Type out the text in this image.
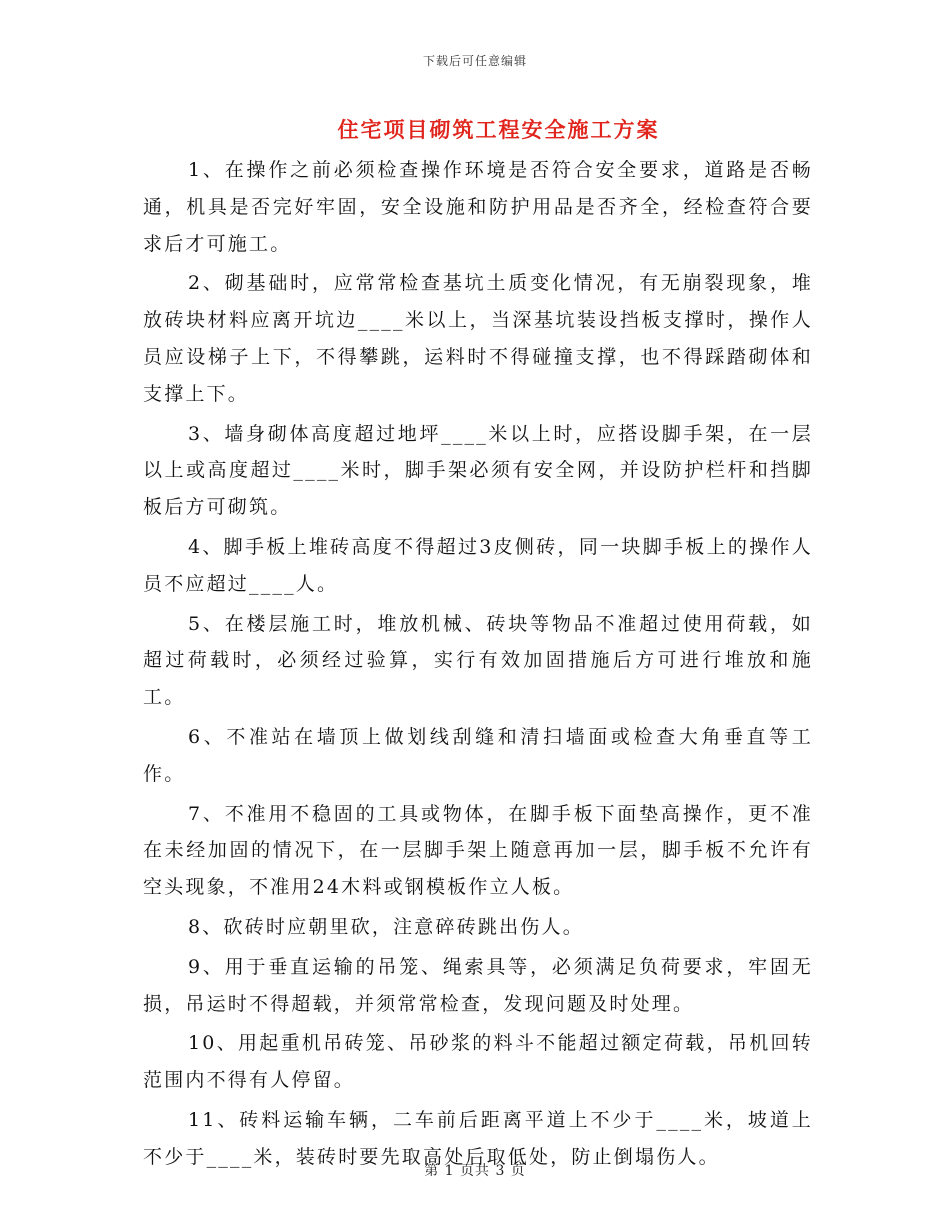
下载后可任意编辑
住宅项目砌筑工程安全施工方案

1、在操作之前必须检查操作环境是否符合安全要求，道路是否畅通，机具是否完好牢固，安全设施和防护用品是否齐全，经检查符合要求后才可施工。

2、砌基础时，应常常检查基坑土质变化情况，有无崩裂现象，堆放砖块材料应离开坑边____米以上，当深基坑装设挡板支撑时，操作人员应设梯子上下，不得攀跳，运料时不得碰撞支撑，也不得踩踏砌体和支撑上下。

3、墙身砌体高度超过地坪____米以上时，应搭设脚手架，在一层以上或高度超过____米时，脚手架必须有安全网，并设防护栏杆和挡脚板后方可砌筑。

4、脚手板上堆砖高度不得超过3皮侧砖，同一块脚手板上的操作人员不应超过____人。

5、在楼层施工时，堆放机械、砖块等物品不准超过使用荷载，如超过荷载时，必须经过验算，实行有效加固措施后方可进行堆放和施工。

6、不准站在墙顶上做划线刮缝和清扫墙面或检查大角垂直等工作。

7、不准用不稳固的工具或物体，在脚手板下面垫高操作，更不准在未经加固的情况下，在一层脚手架上随意再加一层，脚手板不允许有空头现象，不准用24木料或钢模板作立人板。

8、砍砖时应朝里砍，注意碎砖跳出伤人。

9、用于垂直运输的吊笼、绳索具等，必须满足负荷要求，牢固无损，吊运时不得超载，并须常常检查，发现问题及时处理。

10、用起重机吊砖笼、吊砂浆的料斗不能超过额定荷载，吊机回转范围内不得有人停留。

11、砖料运输车辆，二车前后距离平道上不少于____米，坡道上不少于____米，装砖时要先取高处后取低处，防止倒塌伤人。

第 1 页共 3 页
